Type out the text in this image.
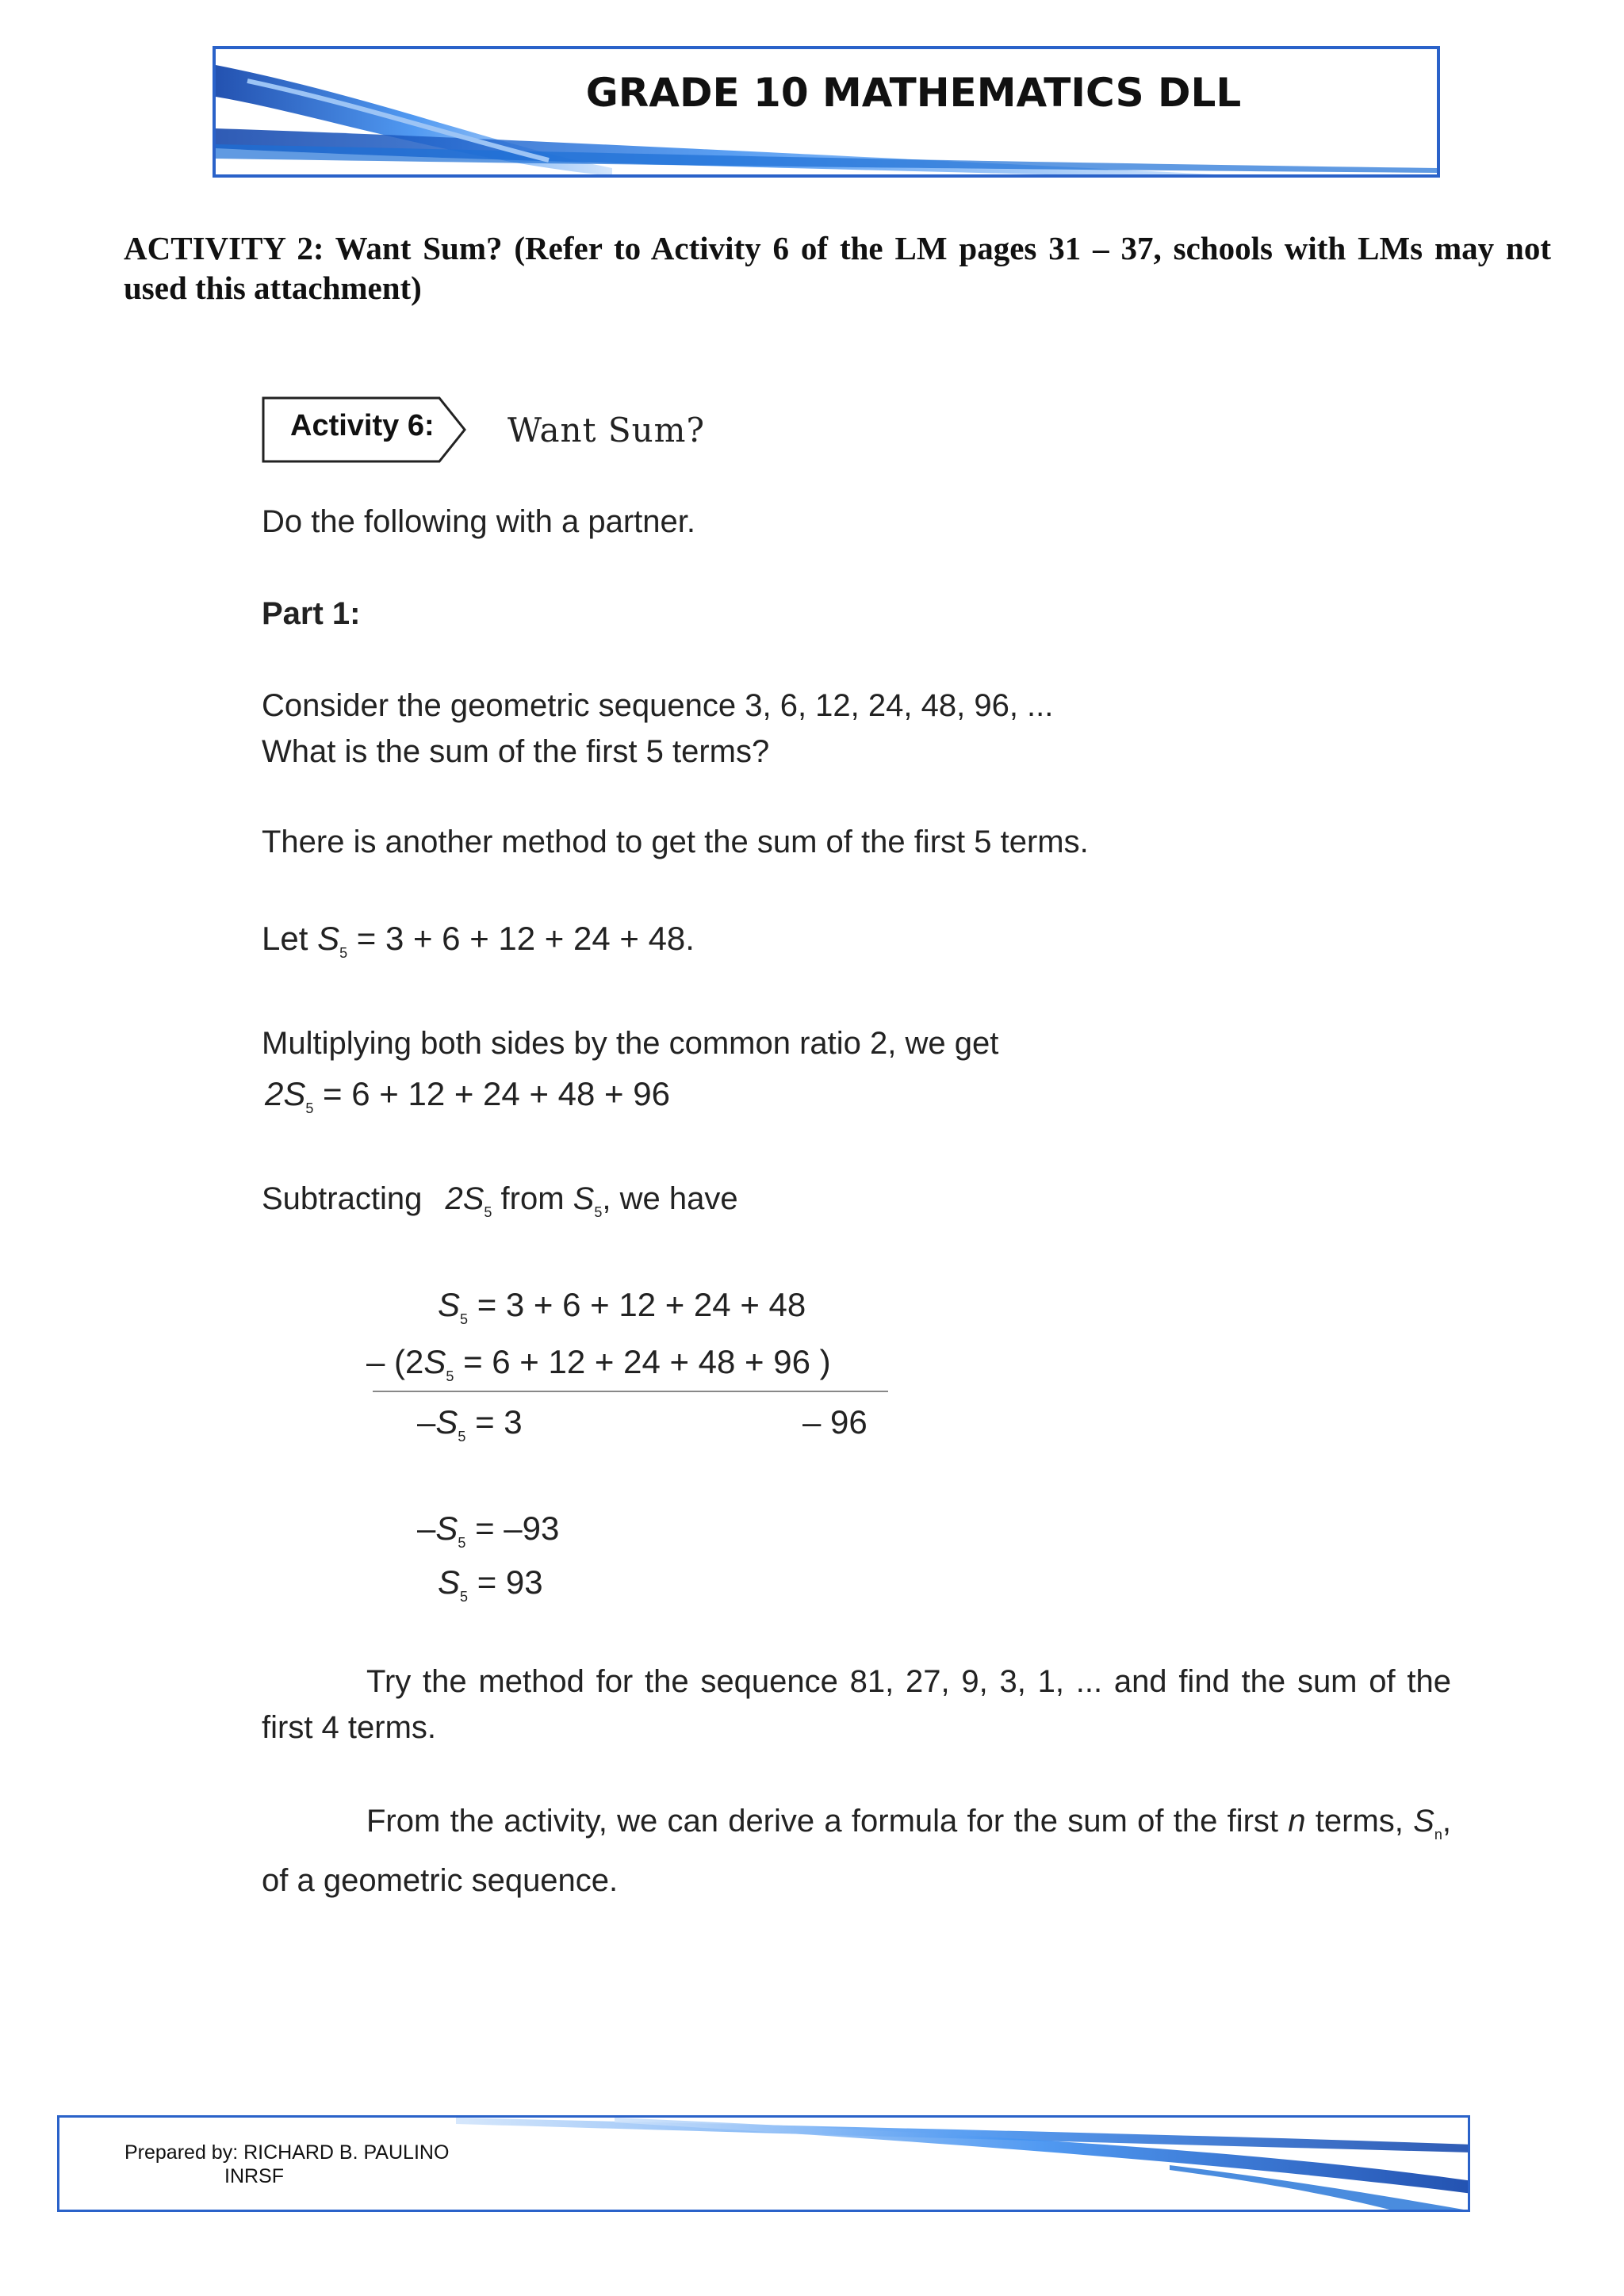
GRADE 10 MATHEMATICS DLL
ACTIVITY 2: Want Sum? (Refer to Activity 6 of the LM pages 31 – 37, schools with LMs may not used this attachment)
Activity 6: Want Sum?
Do the following with a partner.
Part 1:
Consider the geometric sequence 3, 6, 12, 24, 48, 96, ...
What is the sum of the first 5 terms?
There is another method to get the sum of the first 5 terms.
Let $S_5 = 3 + 6 + 12 + 24 + 48$.
Multiplying both sides by the common ratio 2, we get
$2S_5 = 6 + 12 + 24 + 48 + 96$
Subtracting $2S_5$ from $S_5$, we have
$S_5 = 3 + 6 + 12 + 24 + 48$
– ($2S_5 = 6 + 12 + 24 + 48 + 96$ )
$-S_5 = 3$	– 96
$-S_5 = -93$
$S_5 = 93$
Try the method for the sequence 81, 27, 9, 3, 1, ... and find the sum of the first 4 terms.
From the activity, we can derive a formula for the sum of the first n terms, $S_n$, of a geometric sequence.
Prepared by: RICHARD B. PAULINO
INRSF
